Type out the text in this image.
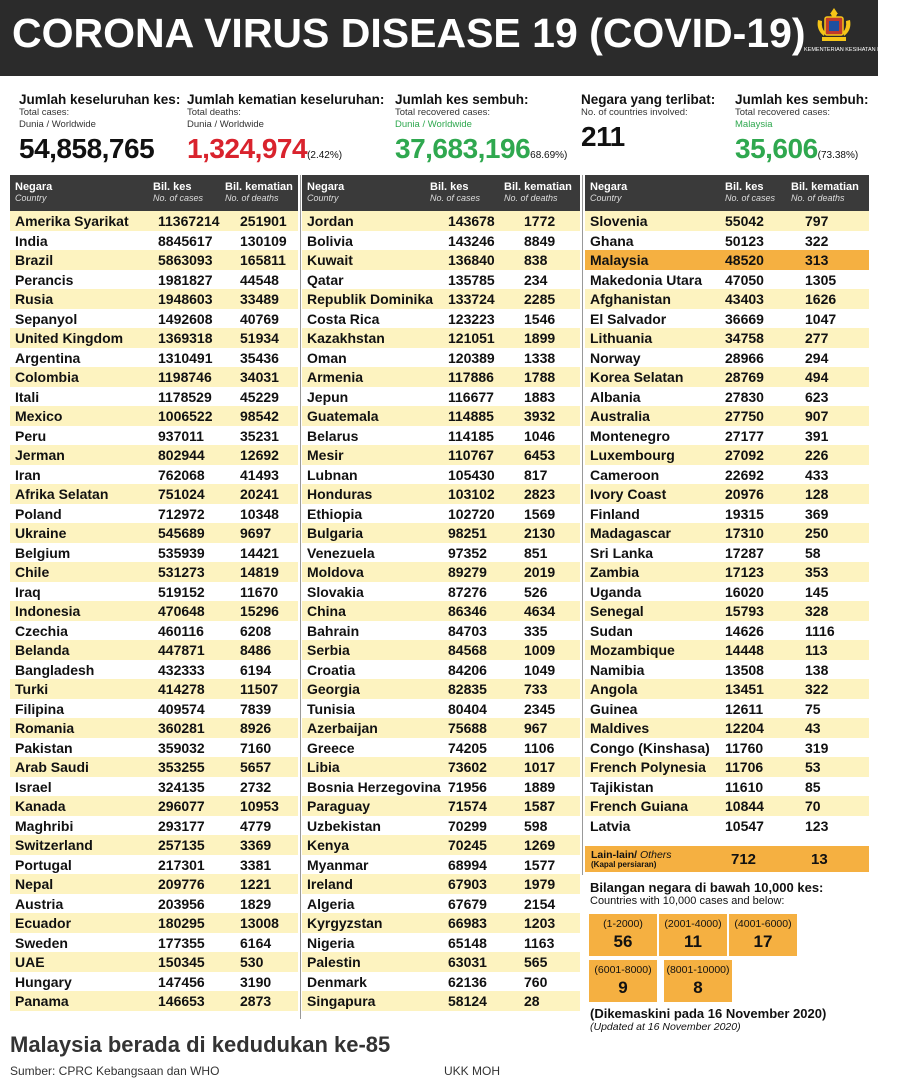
CORONA VIRUS DISEASE 19 (COVID-19)
KEMENTERIAN KESIHATAN MALAYSIA
Jumlah keseluruhan kes:
Total cases:
Dunia / Worldwide
54,858,765
Jumlah kematian keseluruhan:
Total deaths:
Dunia / Worldwide
1,324,974(2.42%)
Jumlah kes sembuh:
Total recovered cases:
Dunia / Worldwide
37,683,19668.69%)
Negara yang terlibat:
No. of countries involved:
211
Jumlah kes sembuh:
Total recovered cases:
Malaysia
35,606(73.38%)
Negara
Country
Bil. kes
No. of cases
Bil. kematian
No. of deaths
Amerika Syarikat 11367214 251901
India	8845617 130109
Brazil	5863093 165811
Perancis	1981827 44548
Rusia	1948603 33489
Sepanyol	1492608 40769
United Kingdom 1369318 51934
Argentina	1310491 35436
Colombia	1198746 34031
Itali	1178529 45229
Mexico	1006522 98542
Peru	937011	35231
Jerman	802944	12692
Iran	762068	41493
Afrika Selatan	751024	20241
Poland	712972	10348
Ukraine	545689	9697
Belgium	535939	14421
Chile	531273	14819
Iraq	519152	11670
Indonesia	470648	15296
Czechia	460116	6208
Belanda	447871	8486
Bangladesh	432333	6194
Turki	414278	11507
Filipina	409574	7839
Romania	360281	8926
Pakistan	359032	7160
Arab Saudi	353255	5657
Israel	324135	2732
Kanada	296077	10953
Maghribi	293177	4779
Switzerland	257135	3369
Portugal	217301	3381
Nepal	209776	1221
Austria	203956	1829
Ecuador	180295	13008
Sweden	177355	6164
UAE	150345	530
Hungary	147456	3190
Panama	146653	2873
Negara
Country
Bil. kes
No. of cases
Bil. kematian
No. of deaths
Jordan	143678 1772
Bolivia	143246 8849
Kuwait	136840 838
Qatar	135785 234
Republik Dominika 133724 2285
Costa Rica	123223 1546
Kazakhstan	121051 1899
Oman	120389 1338
Armenia	117886 1788
Jepun	116677 1883
Guatemala	114885 3932
Belarus	114185 1046
Mesir	110767 6453
Lubnan	105430 817
Honduras	103102 2823
Ethiopia	102720 1569
Bulgaria	98251	2130
Venezuela	97352	851
Moldova	89279	2019
Slovakia	87276	526
China	86346	4634
Bahrain	84703	335
Serbia	84568	1009
Croatia	84206	1049
Georgia	82835	733
Tunisia	80404	2345
Azerbaijan	75688	967
Greece	74205	1106
Libia	73602	1017
Bosnia Herzegovina 71956	1889
Paraguay	71574	1587
Uzbekistan	70299	598
Kenya	70245	1269
Myanmar	68994	1577
Ireland	67903	1979
Algeria	67679	2154
Kyrgyzstan	66983	1203
Nigeria	65148	1163
Palestin	63031	565
Denmark	62136	760
Singapura	58124	28
Negara
Country
Bil. kes
No. of cases
Bil. kematian
No. of deaths
Slovenia	55042	797
Ghana	50123	322
Malaysia	48520	313
Makedonia Utara 47050	1305
Afghanistan	43403	1626
El Salvador	36669	1047
Lithuania	34758	277
Norway	28966	294
Korea Selatan	28769	494
Albania	27830	623
Australia	27750	907
Montenegro	27177	391
Luxembourg	27092	226
Cameroon	22692	433
Ivory Coast	20976	128
Finland	19315	369
Madagascar	17310	250
Sri Lanka	17287	58
Zambia	17123	353
Uganda	16020	145
Senegal	15793	328
Sudan	14626	1116
Mozambique	14448	113
Namibia	13508	138
Angola	13451	322
Guinea	12611	75
Maldives	12204	43
Congo (Kinshasa) 11760	319
French Polynesia 11706	53
Tajikistan	11610	85
French Guiana	10844	70
Latvia	10547	123
Lain-lain/ Others
(Kapal persiaran)	712	13
Bilangan negara di bawah 10,000 kes:
Countries with 10,000 cases and below:
(1-2000)
56
(2001-4000)
11
(4001-6000)
17
(6001-8000)
9
(8001-10000)
8
(Dikemaskini pada 16 November 2020)
(Updated at 16 November 2020)
Malaysia berada di kedudukan ke-85
Sumber: CPRC Kebangsaan dan WHO	UKK MOH
